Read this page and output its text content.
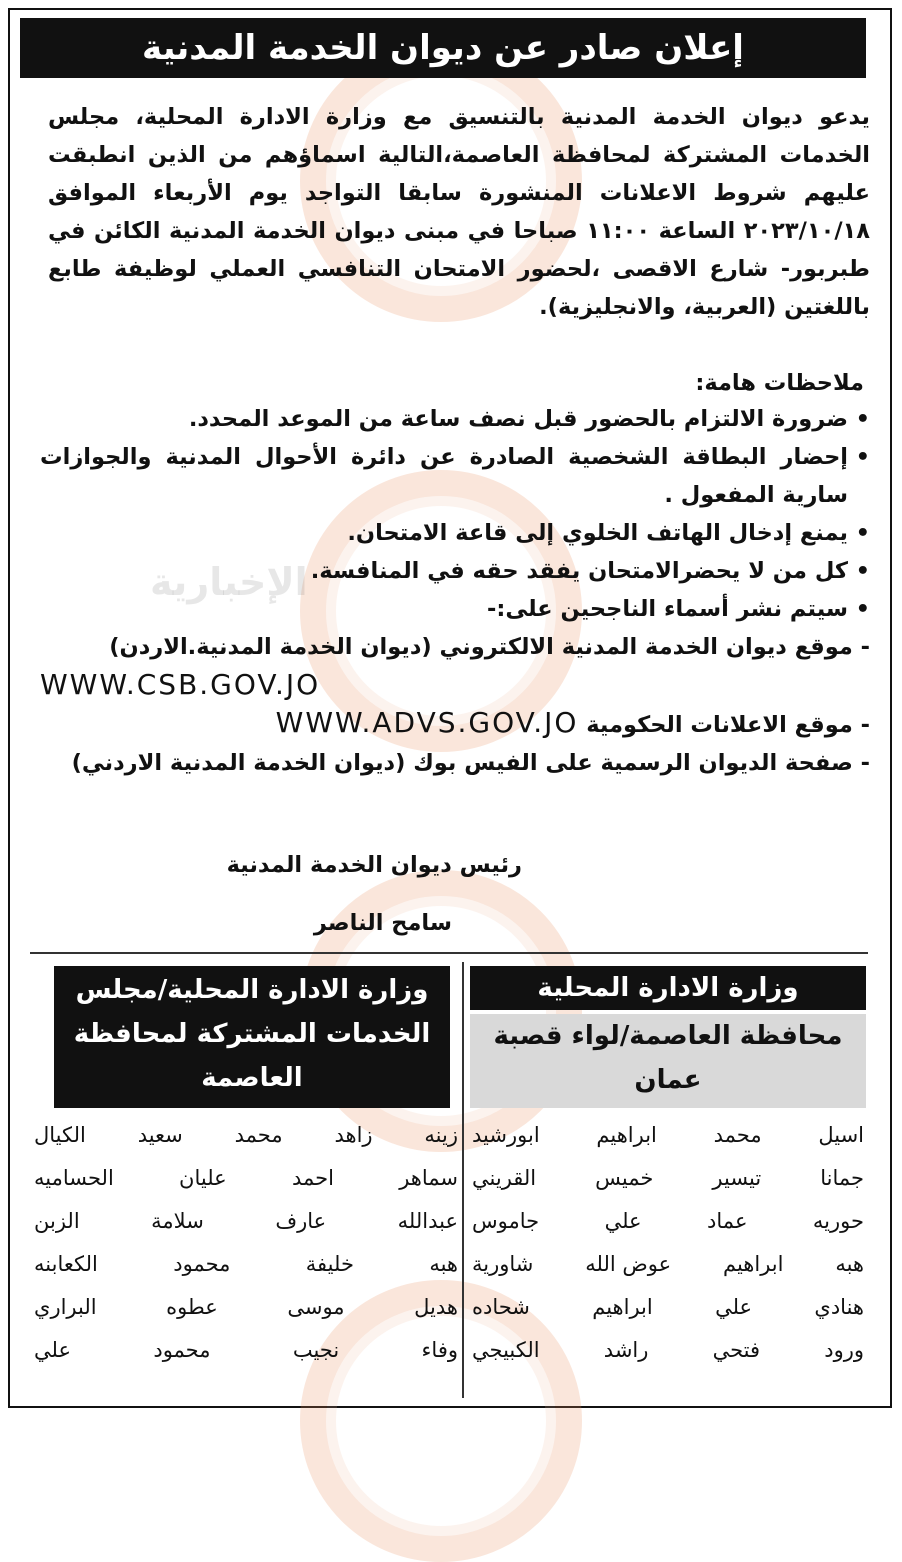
إعلان صادر عن ديوان الخدمة المدنية
يدعو ديوان الخدمة المدنية بالتنسيق مع وزارة الادارة المحلية، مجلس الخدمات المشتركة لمحافظة العاصمة،التالية اسماؤهم من الذين انطبقت عليهم شروط الاعلانات المنشورة سابقا التواجد يوم الأربعاء الموافق ٢٠٢٣/١٠/١٨ الساعة ١١:٠٠ صباحا في مبنى ديوان الخدمة المدنية الكائن في طبربور- شارع الاقصى ،لحضور الامتحان التنافسي العملي لوظيفة طابع باللغتين (العربية، والانجليزية).
ملاحظات هامة:
•
ضرورة الالتزام بالحضور قبل نصف ساعة من الموعد المحدد.
•
إحضار البطاقة الشخصية الصادرة عن دائرة الأحوال المدنية والجوازات سارية المفعول .
•
يمنع إدخال الهاتف الخلوي إلى قاعة الامتحان.
•
كل من لا يحضرالامتحان يفقد حقه في المنافسة.
•
سيتم نشر أسماء الناجحين على:-
- موقع ديوان الخدمة المدنية الالكتروني (ديوان الخدمة المدنية.الاردن)
WWW.CSB.GOV.JO
- موقع الاعلانات الحكومية WWW.ADVS.GOV.JO
- صفحة الديوان الرسمية على الفيس بوك (ديوان الخدمة المدنية الاردني)
رئيس ديوان الخدمة المدنية
سامح الناصر
وزارة الادارة المحلية
محافظة العاصمة/لواء قصبة عمان
اسيل
محمد
ابراهيم
ابورشيد
جمانا
تيسير
خميس
القريني
حوريه
عماد
علي
جاموس
هبه
ابراهيم
عوض الله
شاورية
هنادي
علي
ابراهيم
شحاده
ورود
فتحي
راشد
الكبيجي
وزارة الادارة المحلية/مجلس الخدمات المشتركة لمحافظة العاصمة
زينه
زاهد
محمد
سعيد
الكيال
سماهر
احمد
عليان
الحساميه
عبدالله
عارف
سلامة
الزبن
هبه
خليفة
محمود
الكعابنه
هديل
موسى
عطوه
البراري
وفاء
نجيب
محمود
علي
